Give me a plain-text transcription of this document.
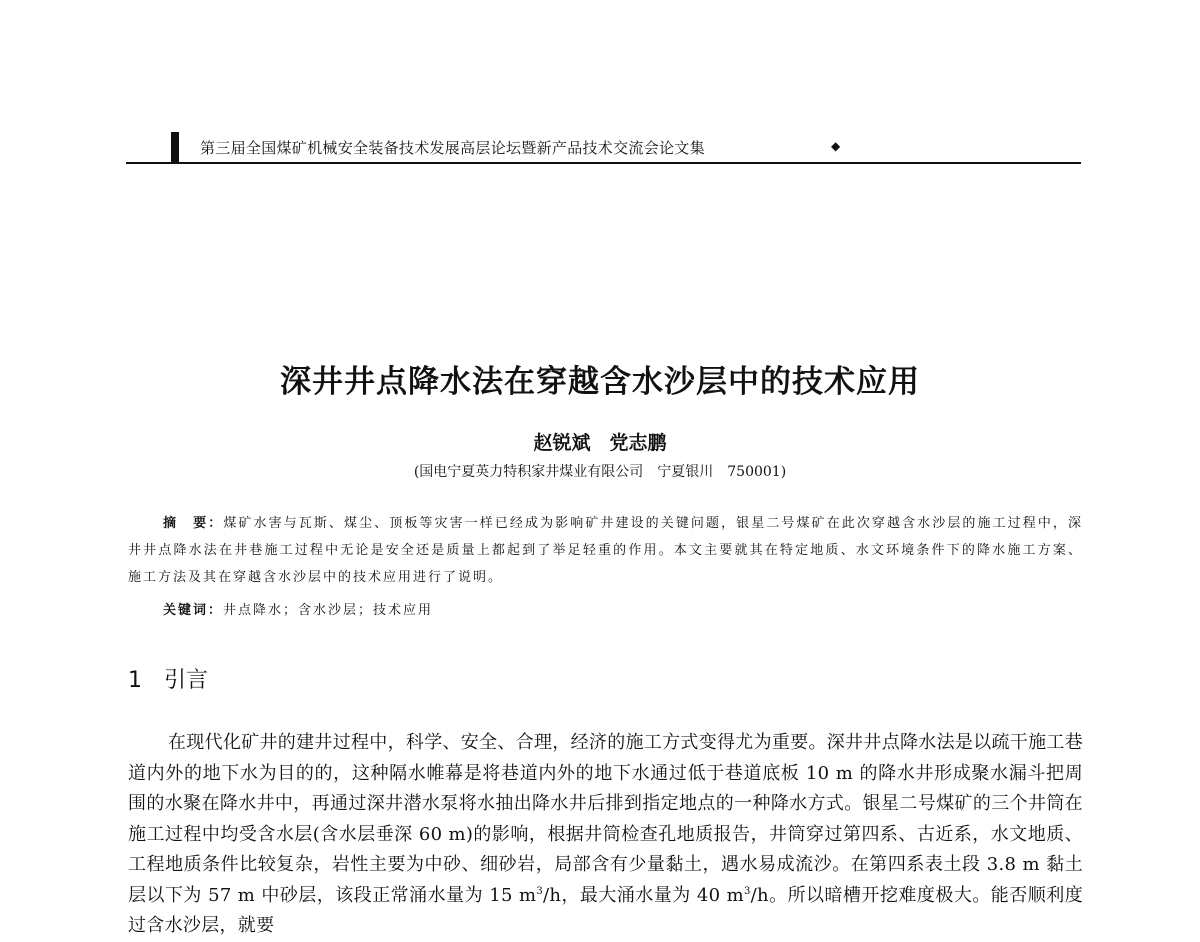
第三届全国煤矿机械安全装备技术发展高层论坛暨新产品技术交流会论文集	◆
深井井点降水法在穿越含水沙层中的技术应用
赵锐斌　党志鹏
(国电宁夏英力特积家井煤业有限公司　宁夏银川　750001)
摘　要：煤矿水害与瓦斯、煤尘、顶板等灾害一样已经成为影响矿井建设的关键问题，银星二号煤矿在此次穿越含水沙层的施工过程中，深井井点降水法在井巷施工过程中无论是安全还是质量上都起到了举足轻重的作用。本文主要就其在特定地质、水文环境条件下的降水施工方案、施工方法及其在穿越含水沙层中的技术应用进行了说明。
关键词：井点降水；含水沙层；技术应用
1 引言
在现代化矿井的建井过程中，科学、安全、合理，经济的施工方式变得尤为重要。深井井点降水法是以疏干施工巷道内外的地下水为目的的，这种隔水帷幕是将巷道内外的地下水通过低于巷道底板 10 m 的降水井形成聚水漏斗把周围的水聚在降水井中，再通过深井潜水泵将水抽出降水井后排到指定地点的一种降水方式。银星二号煤矿的三个井筒在施工过程中均受含水层(含水层垂深 60 m)的影响，根据井筒检查孔地质报告，井筒穿过第四系、古近系，水文地质、工程地质条件比较复杂，岩性主要为中砂、细砂岩，局部含有少量黏土，遇水易成流沙。在第四系表土段 3.8 m 黏土层以下为 57 m 中砂层，该段正常涌水量为 15 $m^3/h$，最大涌水量为 40 $m^3/h$。所以暗槽开挖难度极大。能否顺利度过含水沙层，就要
